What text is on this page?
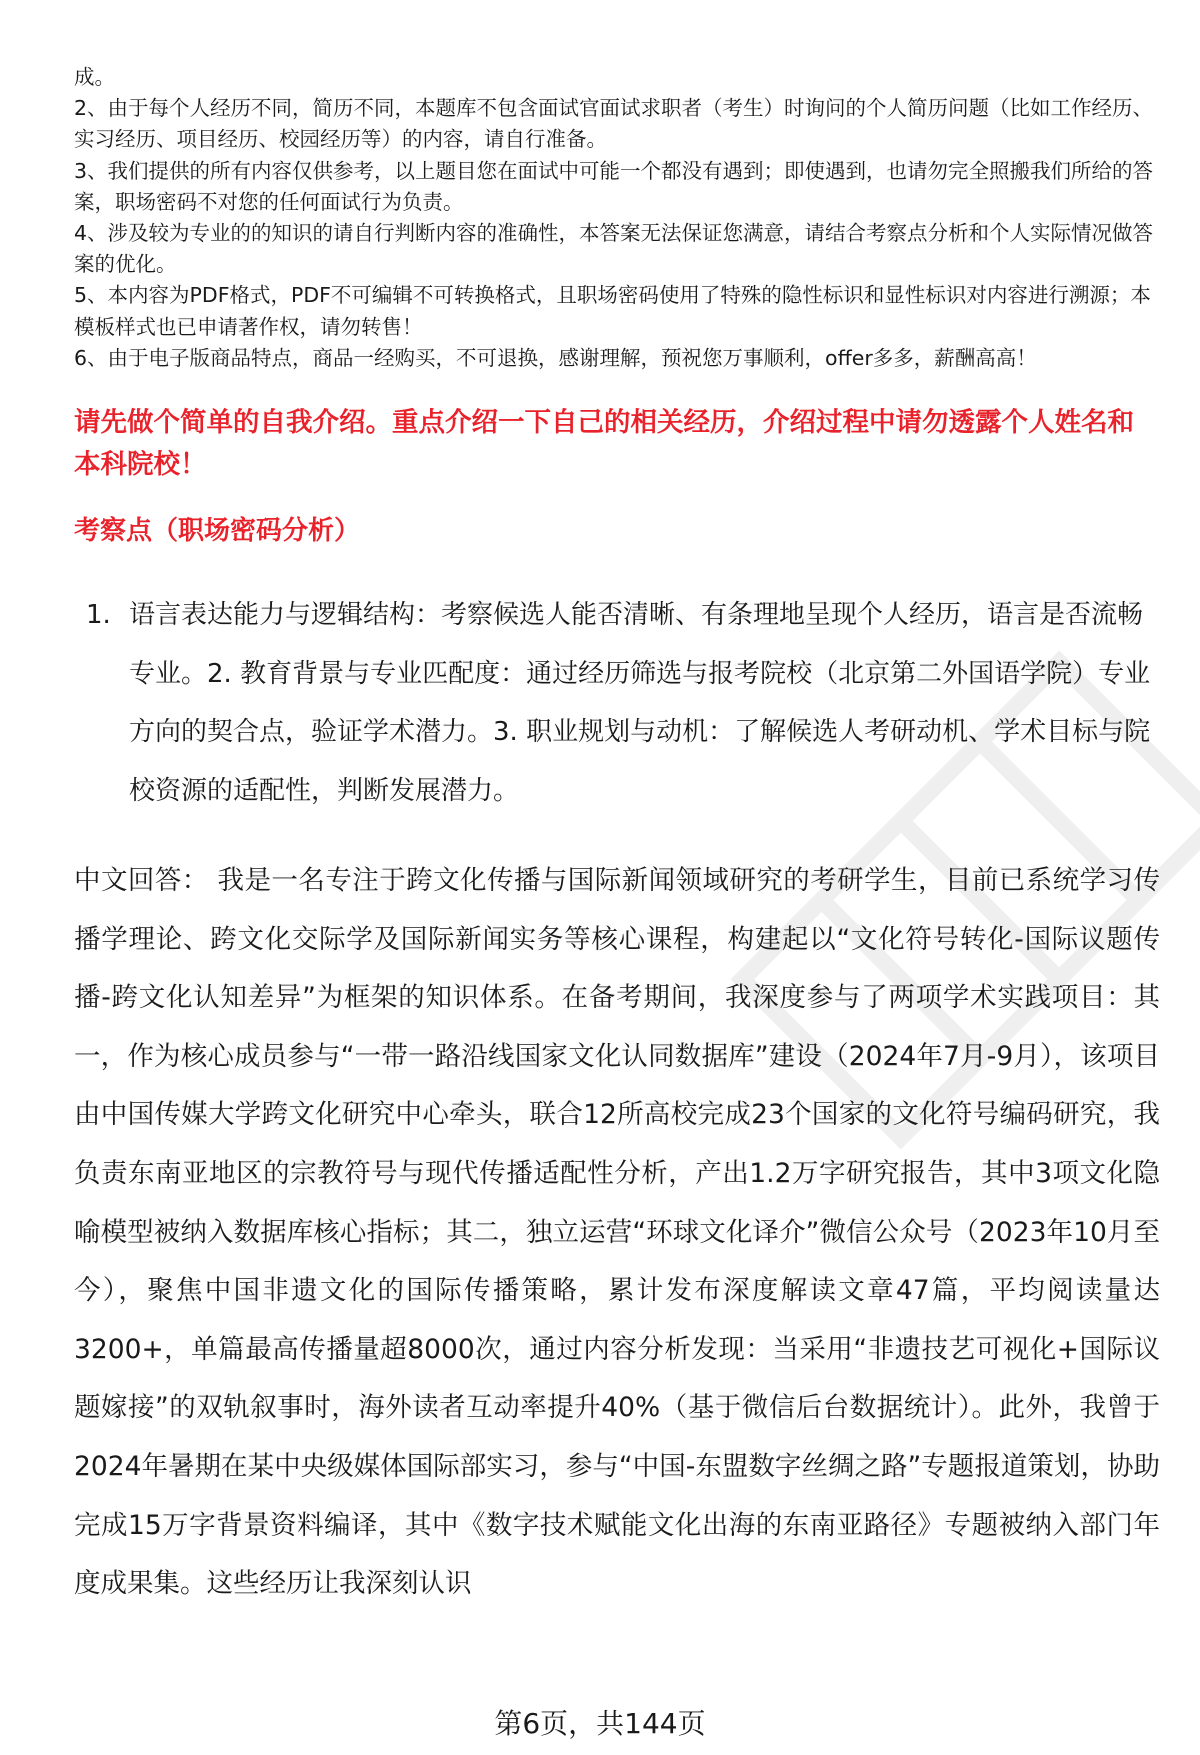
成。

2、由于每个人经历不同，简历不同，本题库不包含面试官面试求职者（考生）时询问的个人简历问题（比如工作经历、实习经历、项目经历、校园经历等）的内容，请自行准备。

3、我们提供的所有内容仅供参考，以上题目您在面试中可能一个都没有遇到；即使遇到，也请勿完全照搬我们所给的答案，职场密码不对您的任何面试行为负责。

4、涉及较为专业的的知识的请自行判断内容的准确性，本答案无法保证您满意，请结合考察点分析和个人实际情况做答案的优化。

5、本内容为PDF格式，PDF不可编辑不可转换格式，且职场密码使用了特殊的隐性标识和显性标识对内容进行溯源；本模板样式也已申请著作权，请勿转售！

6、由于电子版商品特点，商品一经购买，不可退换，感谢理解，预祝您万事顺利，offer多多，薪酬高高！

请先做个简单的自我介绍。重点介绍一下自己的相关经历，介绍过程中请勿透露个人姓名和本科院校！
考察点（职场密码分析）
1. 语言表达能力与逻辑结构：考察候选人能否清晰、有条理地呈现个人经历，语言是否流畅专业。2. 教育背景与专业匹配度：通过经历筛选与报考院校（北京第二外国语学院）专业方向的契合点，验证学术潜力。3. 职业规划与动机：了解候选人考研动机、学术目标与院校资源的适配性，判断发展潜力。
中文回答： 我是一名专注于跨文化传播与国际新闻领域研究的考研学生，目前已系统学习传播学理论、跨文化交际学及国际新闻实务等核心课程，构建起以“文化符号转化-国际议题传播-跨文化认知差异”为框架的知识体系。在备考期间，我深度参与了两项学术实践项目：其一，作为核心成员参与“一带一路沿线国家文化认同数据库”建设（2024年7月-9月），该项目由中国传媒大学跨文化研究中心牵头，联合12所高校完成23个国家的文化符号编码研究，我负责东南亚地区的宗教符号与现代传播适配性分析，产出1.2万字研究报告，其中3项文化隐喻模型被纳入数据库核心指标；其二，独立运营“环球文化译介”微信公众号（2023年10月至今），聚焦中国非遗文化的国际传播策略，累计发布深度解读文章47篇，平均阅读量达3200+，单篇最高传播量超8000次，通过内容分析发现：当采用“非遗技艺可视化+国际议题嫁接”的双轨叙事时，海外读者互动率提升40%（基于微信后台数据统计）。此外，我曾于2024年暑期在某中央级媒体国际部实习，参与“中国-东盟数字丝绸之路”专题报道策划，协助完成15万字背景资料编译，其中《数字技术赋能文化出海的东南亚路径》专题被纳入部门年度成果集。这些经历让我深刻认识
第6页，共144页
